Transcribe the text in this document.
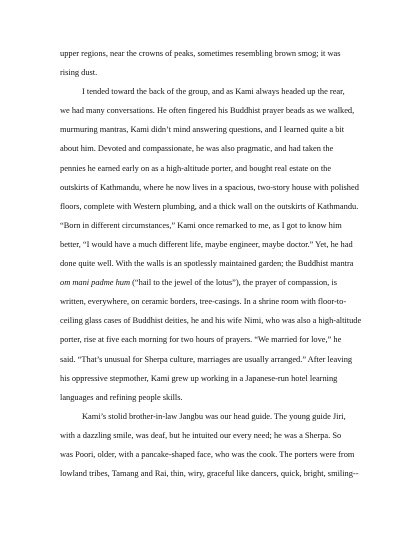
upper regions, near the crowns of peaks, sometimes resembling brown smog; it was
rising dust.
I tended toward the back of the group, and as Kami always headed up the rear,
we had many conversations. He often fingered his Buddhist prayer beads as we walked,
murmuring mantras, Kami didn’t mind answering questions, and I learned quite a bit
about him. Devoted and compassionate, he was also pragmatic, and had taken the
pennies he earned early on as a high-altitude porter, and bought real estate on the
outskirts of Kathmandu, where he now lives in a spacious, two-story house with polished
floors, complete with Western plumbing, and a thick wall on the outskirts of Kathmandu.
“Born in different circumstances,” Kami once remarked to me, as I got to know him
better, “I would have a much different life, maybe engineer, maybe doctor.” Yet, he had
done quite well. With the walls is an spotlessly maintained garden; the Buddhist mantra
om mani padme hum (“hail to the jewel of the lotus”), the prayer of compassion, is
written, everywhere, on ceramic borders, tree-casings. In a shrine room with floor-to-
ceiling glass cases of Buddhist deities, he and his wife Nimi, who was also a high-altitude
porter, rise at five each morning for two hours of prayers. “We married for love,” he
said. “That’s unusual for Sherpa culture, marriages are usually arranged.” After leaving
his oppressive stepmother, Kami grew up working in a Japanese-run hotel learning
languages and refining people skills.
Kami’s stolid brother-in-law Jangbu was our head guide. The young guide Jiri,
with a dazzling smile, was deaf, but he intuited our every need; he was a Sherpa. So
was Poori, older, with a pancake-shaped face, who was the cook. The porters were from
lowland tribes, Tamang and Rai, thin, wiry, graceful like dancers, quick, bright, smiling--
